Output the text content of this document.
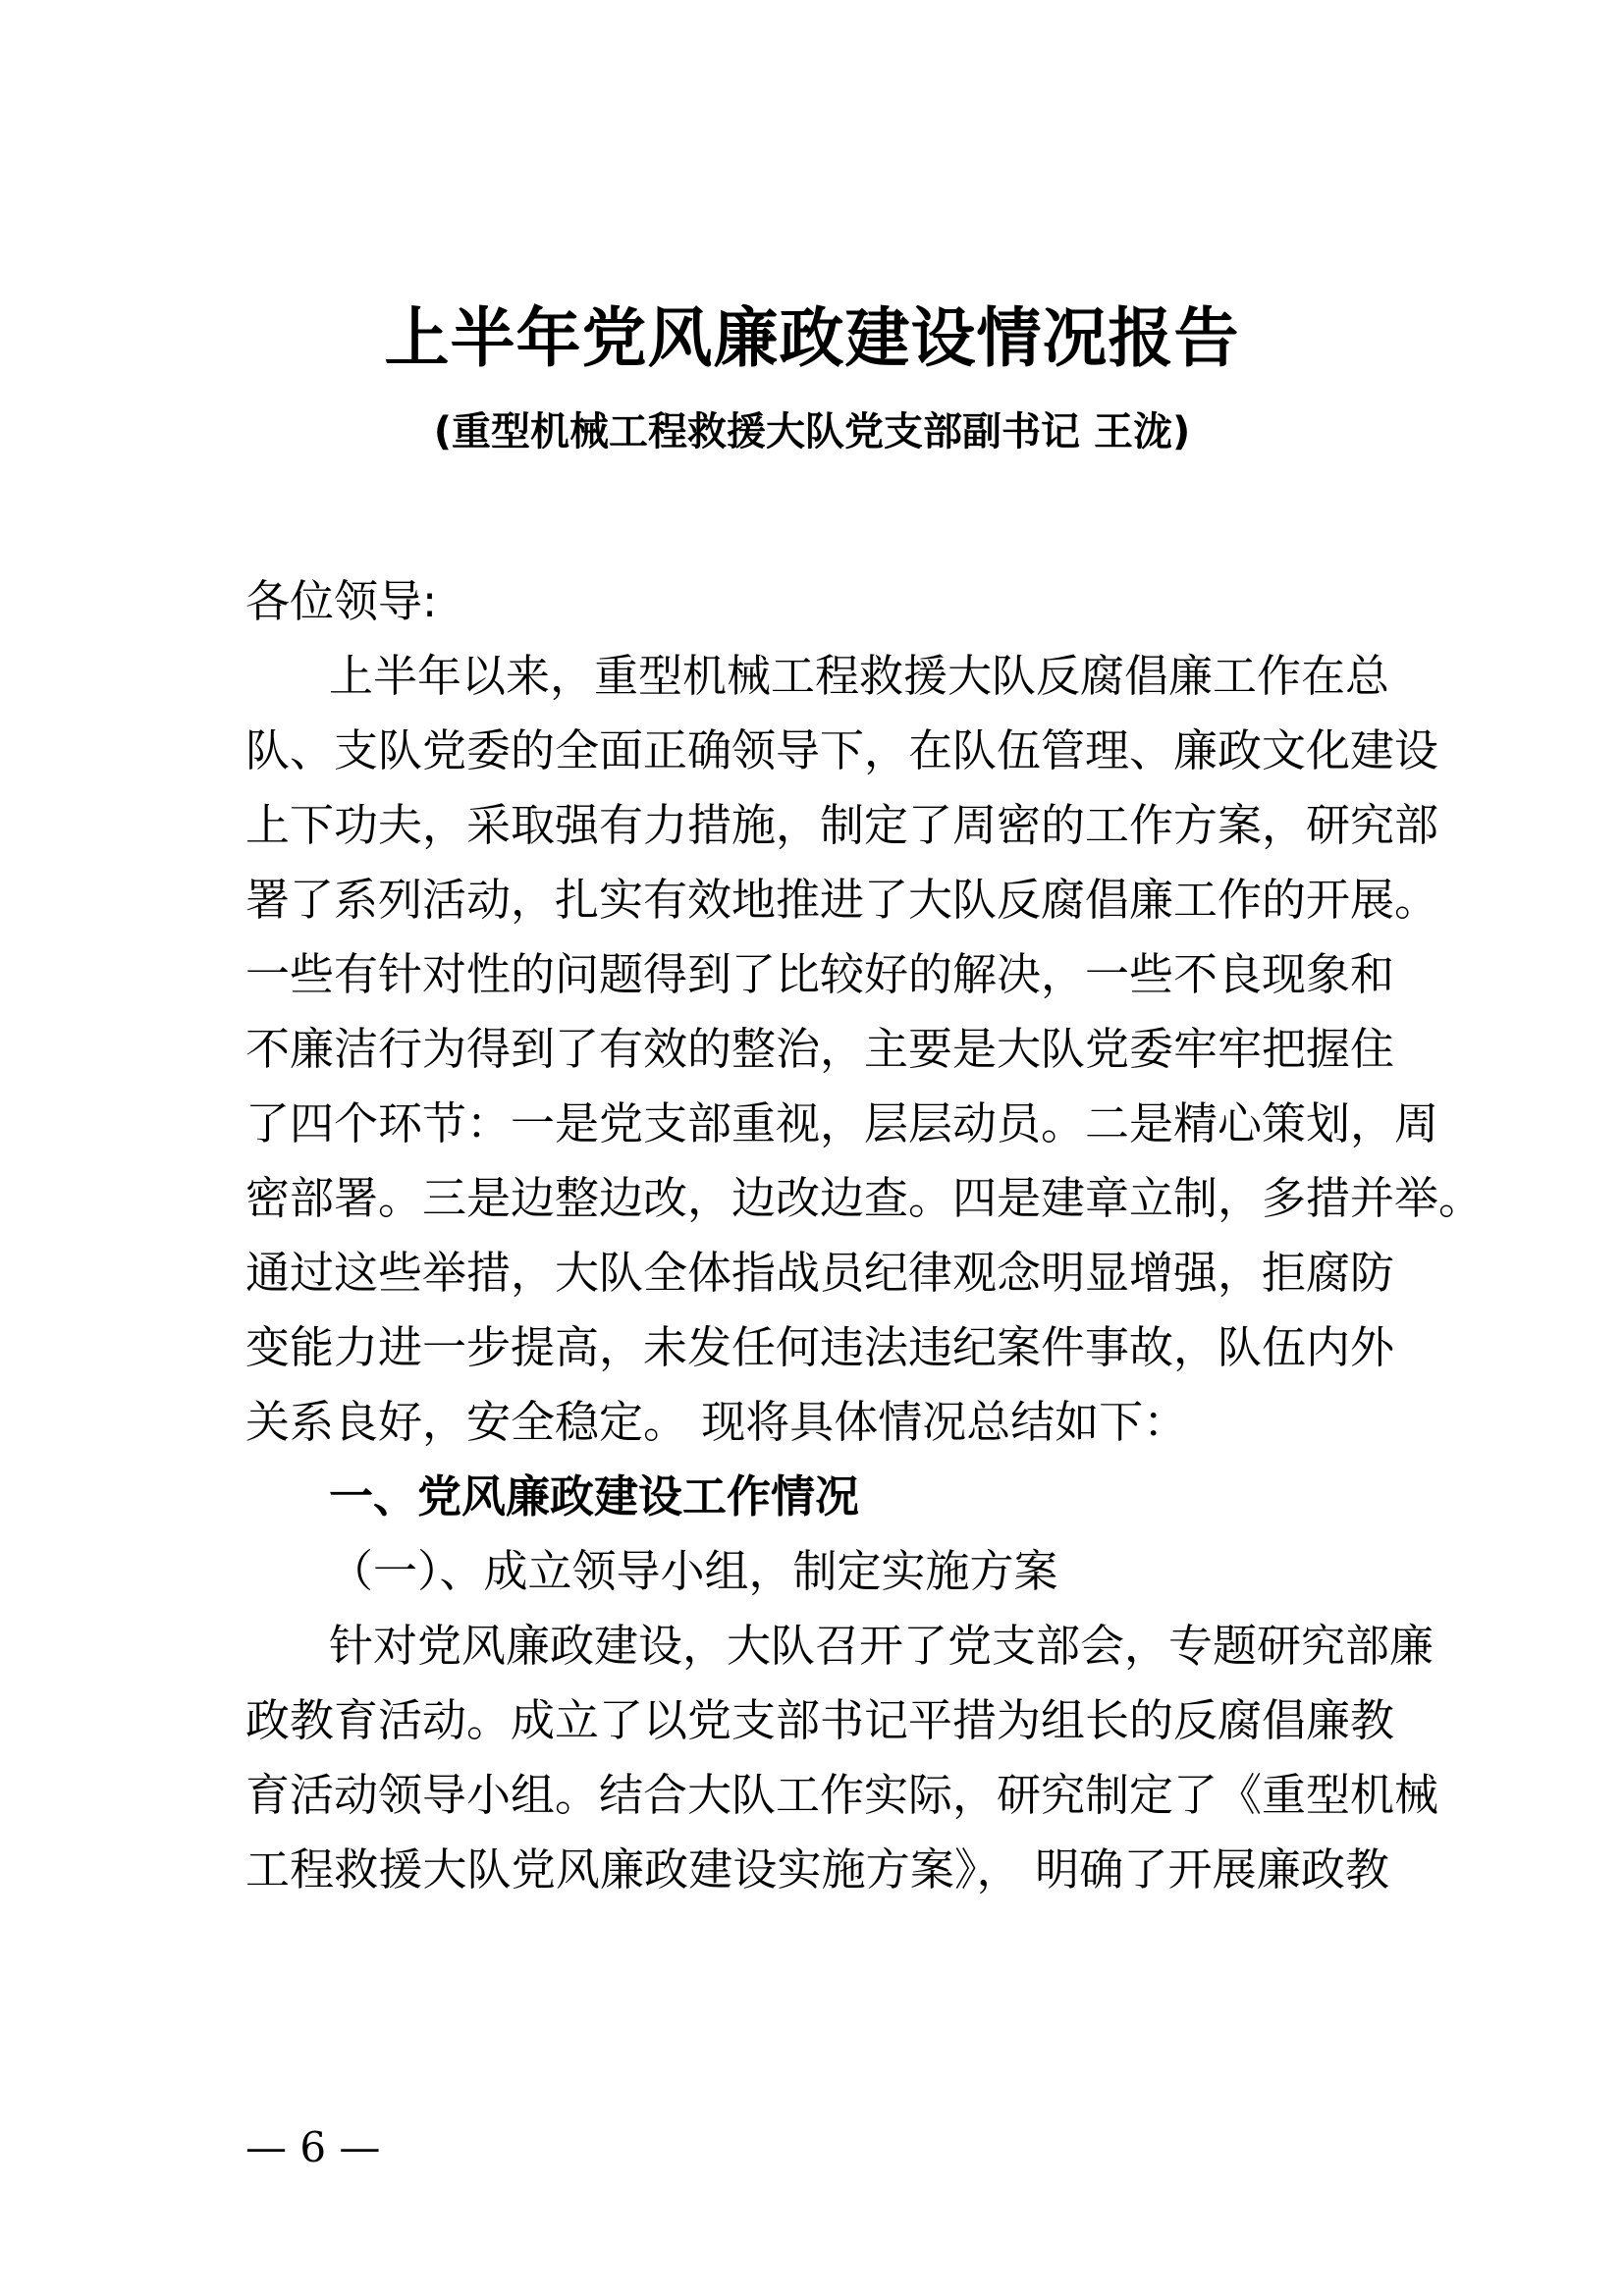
上半年党风廉政建设情况报告
(重型机械工程救援大队党支部副书记 王泷)
各位领导:
上半年以来，重型机械工程救援大队反腐倡廉工作在总
队、支队党委的全面正确领导下，在队伍管理、廉政文化建设
上下功夫，采取强有力措施，制定了周密的工作方案，研究部
署了系列活动，扎实有效地推进了大队反腐倡廉工作的开展。
一些有针对性的问题得到了比较好的解决，一些不良现象和
不廉洁行为得到了有效的整治，主要是大队党委牢牢把握住
了四个环节：一是党支部重视，层层动员。二是精心策划，周
密部署。三是边整边改，边改边查。四是建章立制，多措并举。
通过这些举措，大队全体指战员纪律观念明显增强，拒腐防
变能力进一步提高，未发任何违法违纪案件事故，队伍内外
关系良好，安全稳定。 现将具体情况总结如下：
一、党风廉政建设工作情况
（一）、成立领导小组，制定实施方案
针对党风廉政建设，大队召开了党支部会，专题研究部廉
政教育活动。成立了以党支部书记平措为组长的反腐倡廉教
育活动领导小组。结合大队工作实际，研究制定了《重型机械
工程救援大队党风廉政建设实施方案》， 明确了开展廉政教
— 6 —
